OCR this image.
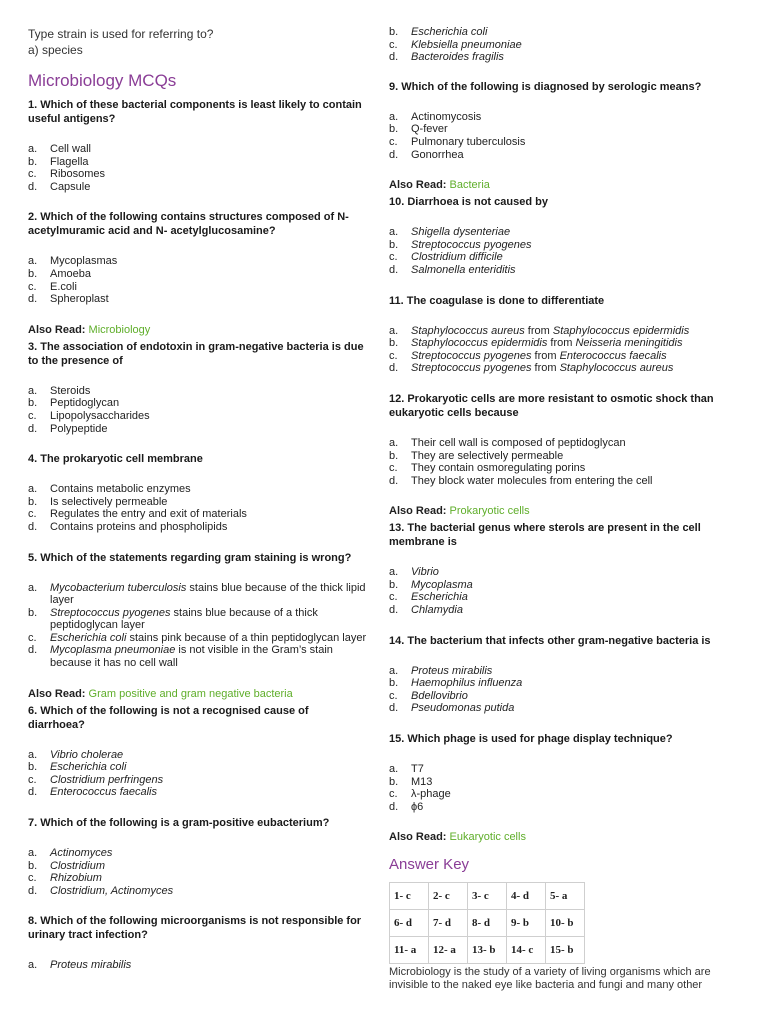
Type strain is used for referring to?
a) species
Microbiology MCQs

1. Which of these bacterial components is least likely to contain useful antigens?

a.	Cell wall
b.	Flagella
c.	Ribosomes
d.	Capsule

2. Which of the following contains structures composed of N-acetylmuramic acid and N- acetylglucosamine?

a.	Mycoplasmas
b.	Amoeba
c.	E.coli
d.	Spheroplast
Also Read: Microbiology

3. The association of endotoxin in gram-negative bacteria is due to the presence of

a.	Steroids
b.	Peptidoglycan
c.	Lipopolysaccharides
d.	Polypeptide

4. The prokaryotic cell membrane

a.	Contains metabolic enzymes
b.	Is selectively permeable
c.	Regulates the entry and exit of materials
d.	Contains proteins and phospholipids

5. Which of the statements regarding gram staining is wrong?

a.	Mycobacterium tuberculosis stains blue because of the thick lipid layer
b.	Streptococcus pyogenes stains blue because of a thick peptidoglycan layer
c.	Escherichia coli stains pink because of a thin peptidoglycan layer
d.	Mycoplasma pneumoniae is not visible in the Gram’s stain because it has no cell wall
Also Read: Gram positive and gram negative bacteria

6. Which of the following is not a recognised cause of diarrhoea?

a.	Vibrio cholerae
b.	Escherichia coli
c.	Clostridium perfringens
d.	Enterococcus faecalis

7. Which of the following is a gram-positive eubacterium?

a.	Actinomyces
b.	Clostridium
c.	Rhizobium
d.	Clostridium, Actinomyces

8. Which of the following microorganisms is not responsible for urinary tract infection?

a.	Proteus mirabilis
b.	Escherichia coli
c.	Klebsiella pneumoniae
d.	Bacteroides fragilis

9. Which of the following is diagnosed by serologic means?

a.	Actinomycosis
b.	Q-fever
c.	Pulmonary tuberculosis
d.	Gonorrhea
Also Read: Bacteria

10. Diarrhoea is not caused by

a.	Shigella dysenteriae
b.	Streptococcus pyogenes
c.	Clostridium difficile
d.	Salmonella enteriditis

11. The coagulase is done to differentiate

a.	Staphylococcus aureus from Staphylococcus epidermidis
b.	Staphylococcus epidermidis from Neisseria meningitidis
c.	Streptococcus pyogenes from Enterococcus faecalis
d.	Streptococcus pyogenes from Staphylococcus aureus

12. Prokaryotic cells are more resistant to osmotic shock than eukaryotic cells because

a.	Their cell wall is composed of peptidoglycan
b.	They are selectively permeable
c.	They contain osmoregulating porins
d.	They block water molecules from entering the cell
Also Read: Prokaryotic cells

13. The bacterial genus where sterols are present in the cell membrane is

a.	Vibrio
b.	Mycoplasma
c.	Escherichia
d.	Chlamydia

14. The bacterium that infects other gram-negative bacteria is

a.	Proteus mirabilis
b.	Haemophilus influenza
c.	Bdellovibrio
d.	Pseudomonas putida

15. Which phage is used for phage display technique?

a.	T7
b.	M13
c.	λ-phage
d.	ϕ6
Also Read: Eukaryotic cells
Answer Key
1- c	2- c	3- c	4- d	5- a
6- d	7- d	8- d	9- b	10- b
11- a	12- a	13- b	14- c	15- b
Microbiology is the study of a variety of living organisms which are invisible to the naked eye like bacteria and fungi and many other
